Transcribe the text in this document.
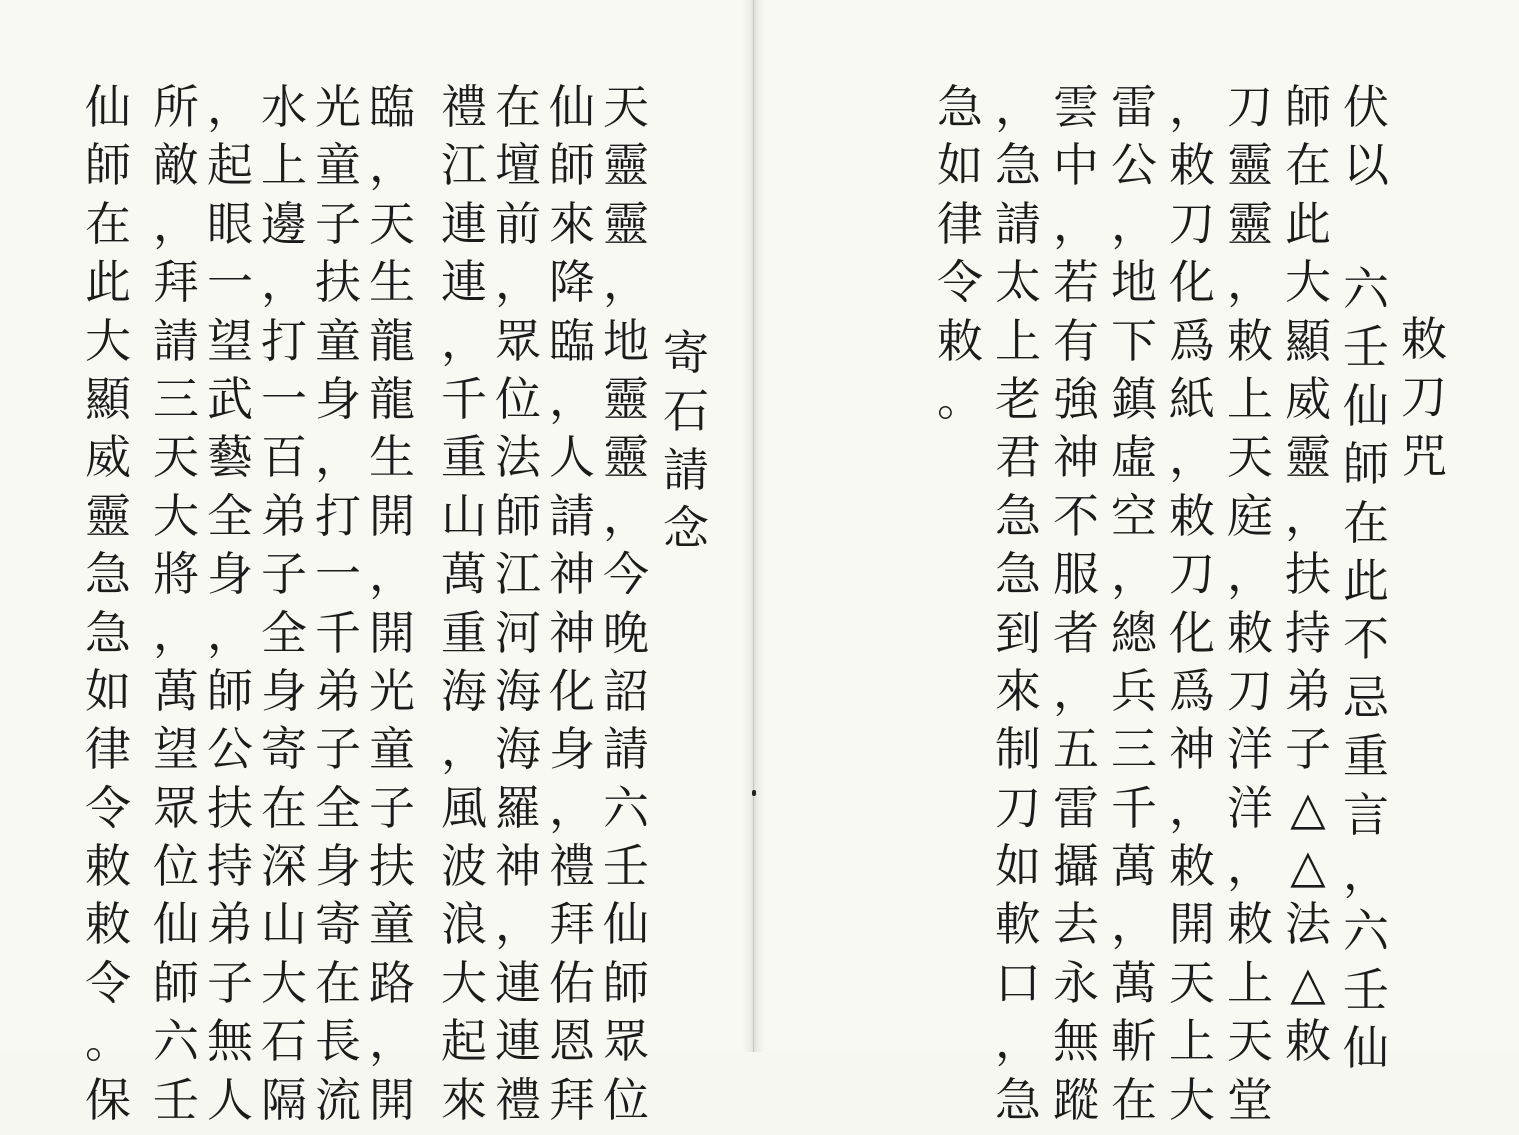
寄
石
請
念
天
靈
靈
，
地
靈
靈
，
今
晚
詔
請
六
壬
仙
師
眾
位
仙
師
來
降
臨
，
人
請
神
神
化
身
，
禮
拜
佑
恩
拜
在
壇
前
，
眾
位
法
師
江
河
海
海
羅
神
，
連
連
禮
禮
江
連
連
，
千
重
山
萬
重
海
，
風
波
浪
大
起
來
臨
，
天
生
龍
龍
生
開
，
開
光
童
子
扶
童
路
，
開
光
童
子
扶
童
身
，
打
一
千
弟
子
全
身
寄
在
長
流
水
上
邊
，
打
一
百
弟
子
全
身
寄
在
深
山
大
石
隔
，
起
眼
一
望
武
藝
全
身
，
師
公
扶
持
弟
子
無
人
所
敵
，
拜
請
三
天
大
將
，
萬
望
眾
位
仙
師
六
壬
仙
師
在
此
大
顯
威
靈
急
急
如
律
令
敕
敕
令
。
保
伏
以
敕
刀
咒
六
壬
仙
師
在
此
不
忌
重
言
，
六
壬
仙
師
在
此
大
顯
威
靈
，
扶
持
弟
子
△
△
法
△
敕
刀
靈
靈
，
敕
上
天
庭
，
敕
刀
洋
洋
，
敕
上
天
堂
，
敕
刀
化
爲
紙
，
敕
刀
化
爲
神
，
敕
開
天
上
大
雷
公
，
地
下
鎮
虛
空
，
總
兵
三
千
萬
，
萬
斬
在
雲
中
，
若
有
強
神
不
服
者
，
五
雷
攝
去
永
無
蹤
，
急
請
太
上
老
君
急
急
到
來
制
刀
如
軟
口
，
急
急
如
律
令
敕
。
